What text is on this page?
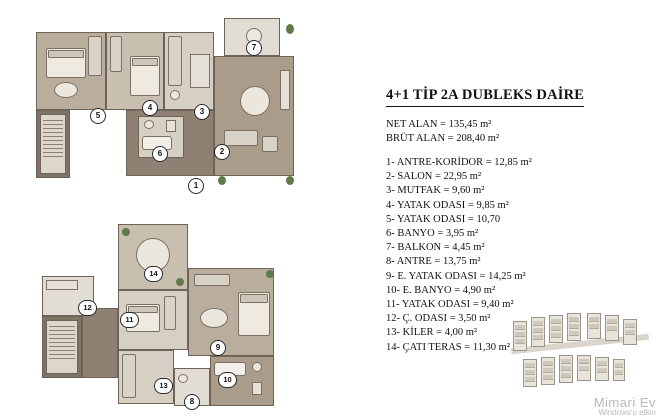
5
4	3
7
6	2
1
14
12
11
9
13
8
10
4+1 TİP 2A DUBLEKS DAİRE
NET ALAN = 135,45 m²
BRÜT ALAN = 208,40 m²
1- ANTRE-KORİDOR = 12,85 m²
2- SALON = 22,95 m²
3- MUTFAK = 9,60 m²
4- YATAK ODASI = 9,85 m²
5- YATAK ODASI = 10,70
6- BANYO = 3,95 m²
7- BALKON = 4,45 m²
8- ANTRE = 13,75 m²
9- E. YATAK ODASI = 14,25 m²
10- E. BANYO = 4,90 m²
11- YATAK ODASI = 9,40 m²
12- Ç. ODASI = 3,50 m²
13- KİLER = 4,00 m²
14- ÇATI TERAS = 11,30 m²
Mimari Ev
Windows'u etkin
